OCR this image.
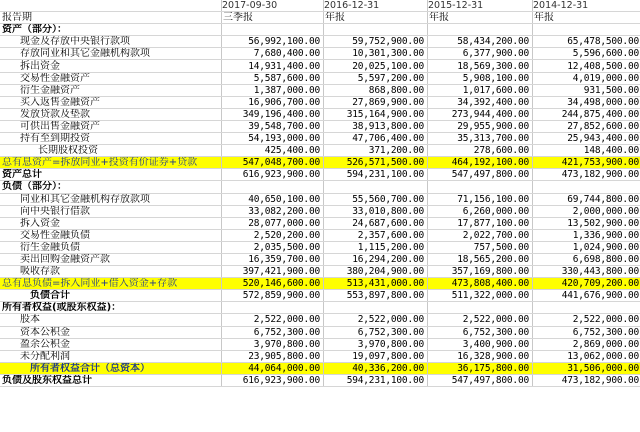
	2017-09-30	2016-12-31	2015-12-31	2014-12-31
报告期	三季报	年报	年报	年报
资产（部分）：				
现金及存放中央银行款项	56,992,100.00	59,752,900.00	58,434,200.00	65,478,500.00
存放同业和其它金融机构款项	7,680,400.00	10,301,300.00	6,377,900.00	5,596,600.00
拆出资金	14,931,400.00	20,025,100.00	18,569,300.00	12,408,500.00
交易性金融资产	5,587,600.00	5,597,200.00	5,908,100.00	4,019,000.00
衍生金融资产	1,387,000.00	868,800.00	1,017,600.00	931,500.00
买入返售金融资产	16,906,700.00	27,869,900.00	34,392,400.00	34,498,000.00
发放贷款及垫款	349,196,400.00	315,164,900.00	273,944,400.00	244,875,400.00
可供出售金融资产	39,548,700.00	38,913,800.00	29,955,900.00	27,852,600.00
持有至到期投资	54,193,000.00	47,706,400.00	35,313,700.00	25,943,400.00
长期股权投资	425,400.00	371,200.00	278,600.00	148,400.00
总有息资产=拆放同业+投资有价证券+贷款	547,048,700.00	526,571,500.00	464,192,100.00	421,753,900.00
资产总计	616,923,900.00	594,231,100.00	547,497,800.00	473,182,900.00
负债（部分）：				
同业和其它金融机构存放款项	40,650,100.00	55,560,700.00	71,156,100.00	69,744,800.00
向中央银行借款	33,082,200.00	33,010,800.00	6,260,000.00	2,000,000.00
拆入资金	28,077,000.00	24,687,600.00	17,877,100.00	13,502,900.00
交易性金融负债	2,520,200.00	2,357,600.00	2,022,700.00	1,336,900.00
衍生金融负债	2,035,500.00	1,115,200.00	757,500.00	1,024,900.00
卖出回购金融资产款	16,359,700.00	16,294,200.00	18,565,200.00	6,698,800.00
吸收存款	397,421,900.00	380,204,900.00	357,169,800.00	330,443,800.00
总有息负债=拆入同业+借入资金+存款	520,146,600.00	513,431,000.00	473,808,400.00	420,709,200.00
负债合计	572,859,900.00	553,897,800.00	511,322,000.00	441,676,900.00
所有者权益(或股东权益)：				
股本	2,522,000.00	2,522,000.00	2,522,000.00	2,522,000.00
资本公积金	6,752,300.00	6,752,300.00	6,752,300.00	6,752,300.00
盈余公积金	3,970,800.00	3,970,800.00	3,400,900.00	2,869,000.00
未分配利润	23,905,800.00	19,097,800.00	16,328,900.00	13,062,000.00
所有者权益合计（总资本）	44,064,000.00	40,336,200.00	36,175,800.00	31,506,000.00
负债及股东权益总计	616,923,900.00	594,231,100.00	547,497,800.00	473,182,900.00
